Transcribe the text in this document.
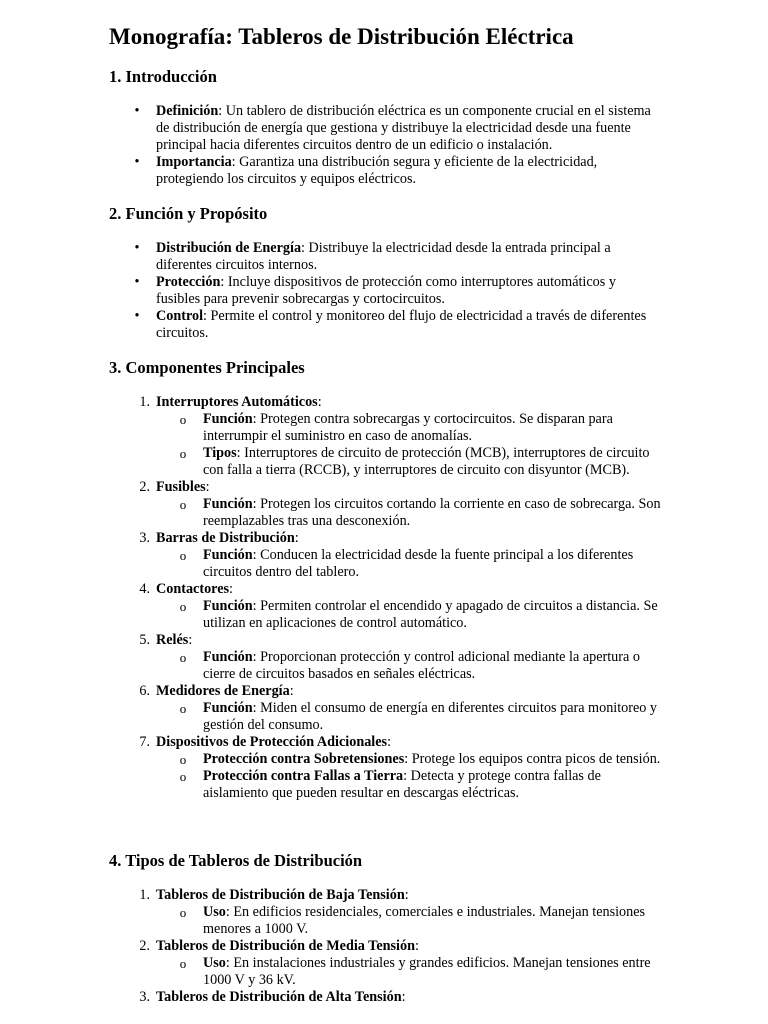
Monografía: Tableros de Distribución Eléctrica
1. Introducción
• Definición: Un tablero de distribución eléctrica es un componente crucial en el sistema de distribución de energía que gestiona y distribuye la electricidad desde una fuente principal hacia diferentes circuitos dentro de un edificio o instalación.
• Importancia: Garantiza una distribución segura y eficiente de la electricidad, protegiendo los circuitos y equipos eléctricos.
2. Función y Propósito
• Distribución de Energía: Distribuye la electricidad desde la entrada principal a diferentes circuitos internos.
• Protección: Incluye dispositivos de protección como interruptores automáticos y fusibles para prevenir sobrecargas y cortocircuitos.
• Control: Permite el control y monitoreo del flujo de electricidad a través de diferentes circuitos.
3. Componentes Principales
1. Interruptores Automáticos:
o Función: Protegen contra sobrecargas y cortocircuitos. Se disparan para interrumpir el suministro en caso de anomalías.
o Tipos: Interruptores de circuito de protección (MCB), interruptores de circuito con falla a tierra (RCCB), y interruptores de circuito con disyuntor (MCB).
2. Fusibles:
o Función: Protegen los circuitos cortando la corriente en caso de sobrecarga. Son reemplazables tras una desconexión.
3. Barras de Distribución:
o Función: Conducen la electricidad desde la fuente principal a los diferentes circuitos dentro del tablero.
4. Contactores:
o Función: Permiten controlar el encendido y apagado de circuitos a distancia. Se utilizan en aplicaciones de control automático.
5. Relés:
o Función: Proporcionan protección y control adicional mediante la apertura o cierre de circuitos basados en señales eléctricas.
6. Medidores de Energía:
o Función: Miden el consumo de energía en diferentes circuitos para monitoreo y gestión del consumo.
7. Dispositivos de Protección Adicionales:
o Protección contra Sobretensiones: Protege los equipos contra picos de tensión.
o Protección contra Fallas a Tierra: Detecta y protege contra fallas de aislamiento que pueden resultar en descargas eléctricas.
4. Tipos de Tableros de Distribución
1. Tableros de Distribución de Baja Tensión:
o Uso: En edificios residenciales, comerciales e industriales. Manejan tensiones menores a 1000 V.
2. Tableros de Distribución de Media Tensión:
o Uso: En instalaciones industriales y grandes edificios. Manejan tensiones entre 1000 V y 36 kV.
3. Tableros de Distribución de Alta Tensión:
